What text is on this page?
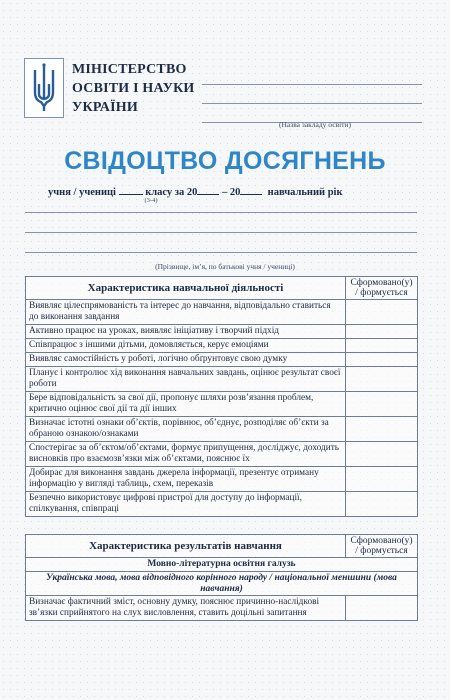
МІНІСТЕРСТВО
ОСВІТИ І НАУКИ
УКРАЇНИ
(Назва закладу освіти)
СВІДОЦТВО ДОСЯГНЕНЬ
учня / учениці	класу за 20 – 20	навчальний рік
(3-4)
(Прізвище, ім’я, по батькові учня / учениці)
Характеристика навчальної діяльності	Сформовано(у) / формується
Виявляє цілеспрямованість та інтерес до навчання, відповідально ставиться до виконання завдання	
Активно працює на уроках, виявляє ініціативу і творчий підхід	
Співпрацює з іншими дітьми, домовляється, керує емоціями	
Виявляє самостійність у роботі, логічно обґрунтовує свою думку	
Планує і контролює хід виконання навчальних завдань, оцінює результат своєї роботи	
Бере відповідальність за свої дії, пропонує шляхи розв’язання проблем, критично оцінює свої дії та дії інших	
Визначає істотні ознаки об’єктів, порівнює, об’єднує, розподіляє об’єкти за обраною ознакою/ознаками	
Спостерігає за об’єктом/об’єктами, формує припущення, досліджує, доходить висновків про взаємозв’язки між об’єктами, пояснює їх	
Добирає для виконання завдань джерела інформації, презентує отриману інформацію у вигляді таблиць, схем, переказів	
Безпечно використовує цифрові пристрої для доступу до інформації, спілкування, співпраці	
Характеристика результатів навчання	Сформовано(у) / формується
Мовно-літературна освітня галузь	
Українська мова, мова відповідного корінного народу / національної меншини (мова навчання)	
Визначає фактичний зміст, основну думку, пояснює причинно-наслідкові зв’язки сприйнятого на слух висловлення, ставить доцільні запитання	
